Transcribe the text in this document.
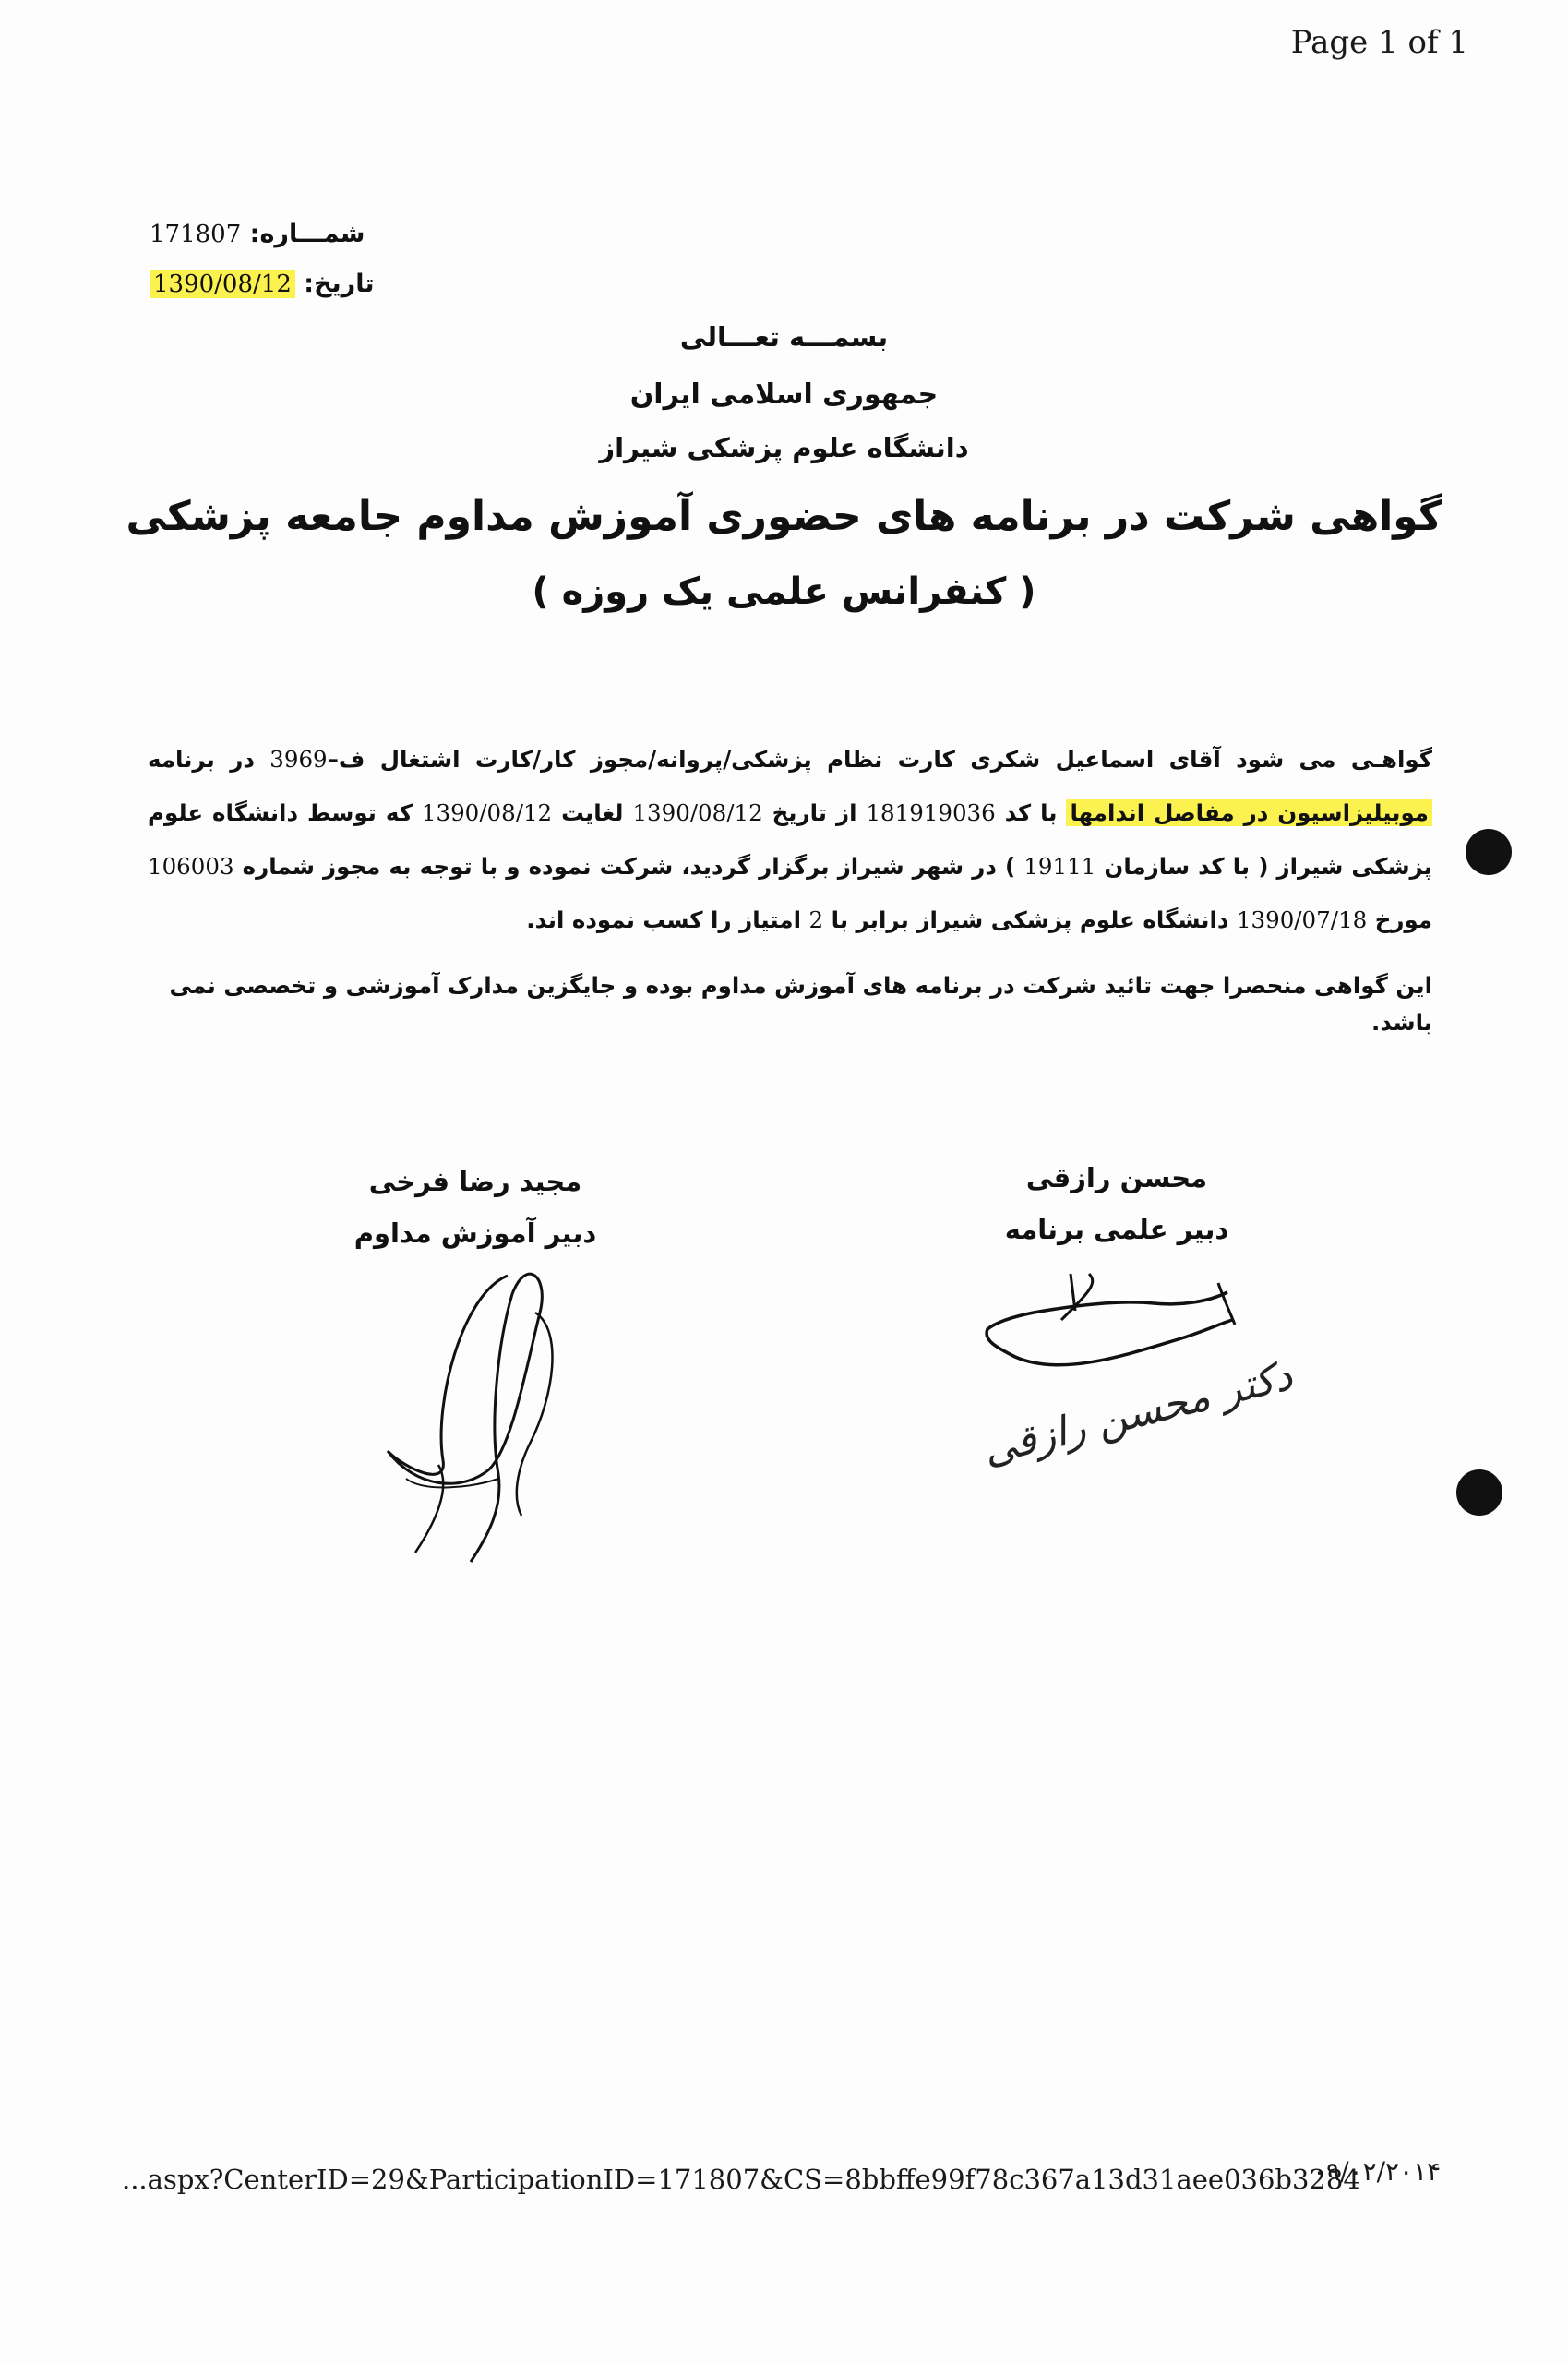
Page 1 of 1
شمـــاره: 171807
تاریخ: 1390/08/12
بسمـــه تعـــالی
جمهوری اسلامی ایران
دانشگاه علوم پزشکی شیراز
گواهی شرکت در برنامه های حضوری آموزش مداوم جامعه پزشکی
( کنفرانس علمی یک روزه )

گواهـی می شود آقای اسماعیل شکری کارت نظام پزشکی/پروانه/مجوز کار/کارت اشتغال ف–3969 در برنامه موبیلیزاسیون در مفاصل اندامها با کد 181919036 از تاریخ 1390/08/12 لغایت 1390/08/12 که توسط دانشگاه علوم پزشکی شیراز ( با کد سازمان 19111 ) در شهر شیراز برگزار گردید، شرکت نموده و با توجه به مجوز شماره 106003 مورخ 1390/07/18 دانشگاه علوم پزشکی شیراز برابر با 2 امتیاز را کسب نموده اند.

این گواهی منحصرا جهت تائید شرکت در برنامه های آموزش مداوم بوده و جایگزین مدارک آموزشی و تخصصی نمی باشد.
مجید رضا فرخی
دبیر آموزش مداوم
محسن رازقی
دبیر علمی برنامه
دکتر محسن رازقی
...aspx?CenterID=29&ParticipationID=171807&CS=8bbffe99f78c367a13d31aee036b3284
۰۹/۰۲/۲۰۱۴
